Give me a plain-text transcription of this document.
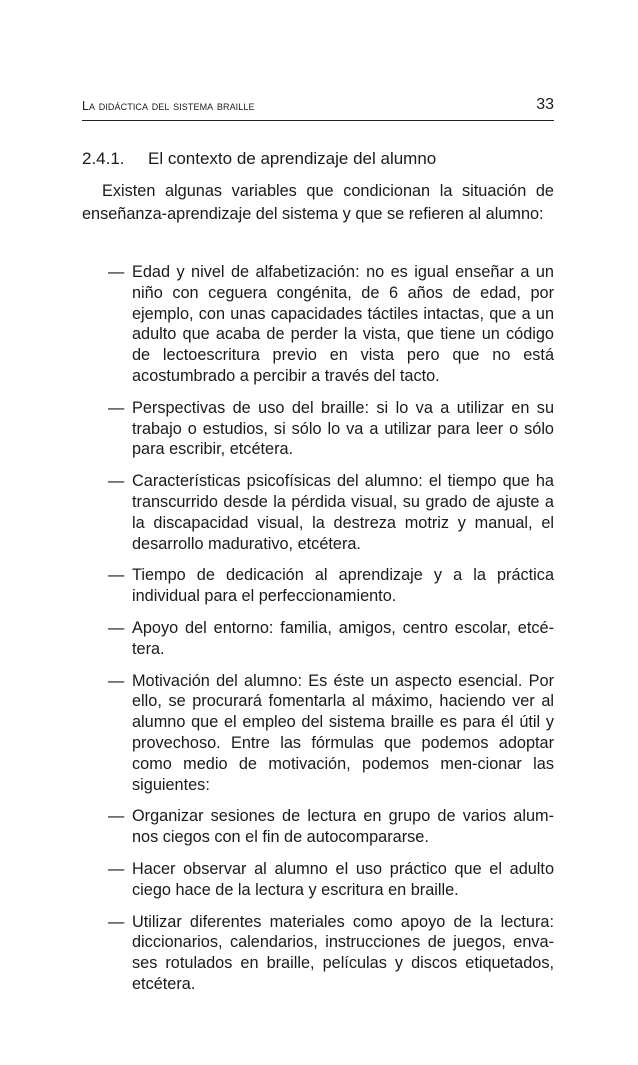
La didáctica del sistema braille	33
2.4.1. El contexto de aprendizaje del alumno

Existen algunas variables que condicionan la situación de enseñanza-aprendizaje del sistema y que se refieren al alumno:

— Edad y nivel de alfabetización: no es igual enseñar a un niño con ceguera congénita, de 6 años de edad, por ejemplo, con unas capacidades táctiles intactas, que a un adulto que acaba de perder la vista, que tiene un código de lectoescritura previo en vista pero que no está acostumbrado a percibir a través del tacto.
— Perspectivas de uso del braille: si lo va a utilizar en su trabajo o estudios, si sólo lo va a utilizar para leer o sólo para escribir, etcétera.
— Características psicofísicas del alumno: el tiempo que ha transcurrido desde la pérdida visual, su grado de ajuste a la discapacidad visual, la destreza motriz y manual, el desarrollo madurativo, etcétera.
— Tiempo de dedicación al aprendizaje y a la práctica individual para el perfeccionamiento.
— Apoyo del entorno: familia, amigos, centro escolar, etcé-tera.
— Motivación del alumno: Es éste un aspecto esencial. Por ello, se procurará fomentarla al máximo, haciendo ver al alumno que el empleo del sistema braille es para él útil y provechoso. Entre las fórmulas que podemos adoptar como medio de motivación, podemos men-cionar las siguientes:
— Organizar sesiones de lectura en grupo de varios alum-nos ciegos con el fin de autocompararse.
— Hacer observar al alumno el uso práctico que el adulto ciego hace de la lectura y escritura en braille.
— Utilizar diferentes materiales como apoyo de la lectura: diccionarios, calendarios, instrucciones de juegos, enva-ses rotulados en braille, películas y discos etiquetados, etcétera.
